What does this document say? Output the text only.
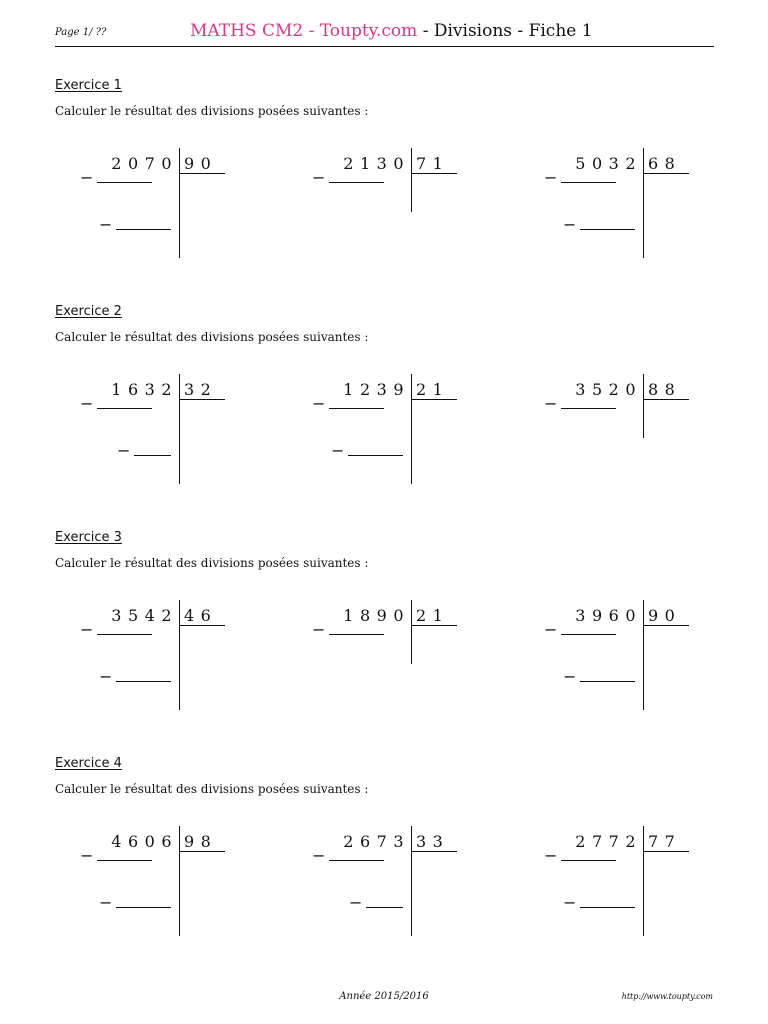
Page 1/ ??	MATHS CM2 - Toupty.com - Divisions - Fiche 1
Exercice 1

Calculer le résultat des divisions posées suivantes :

2070 90
−
−
2130 71
−
5032 68
−
−
Exercice 2

Calculer le résultat des divisions posées suivantes :

1632 32
−
−
1239 21
−
−
3520 88
−
Exercice 3

Calculer le résultat des divisions posées suivantes :

3542 46
−
−
1890 21
−
3960 90
−
−
Exercice 4

Calculer le résultat des divisions posées suivantes :

4606 98
−
−
2673 33
−
−
2772 77
−
−
Année 2015/2016	http://www.toupty.com
